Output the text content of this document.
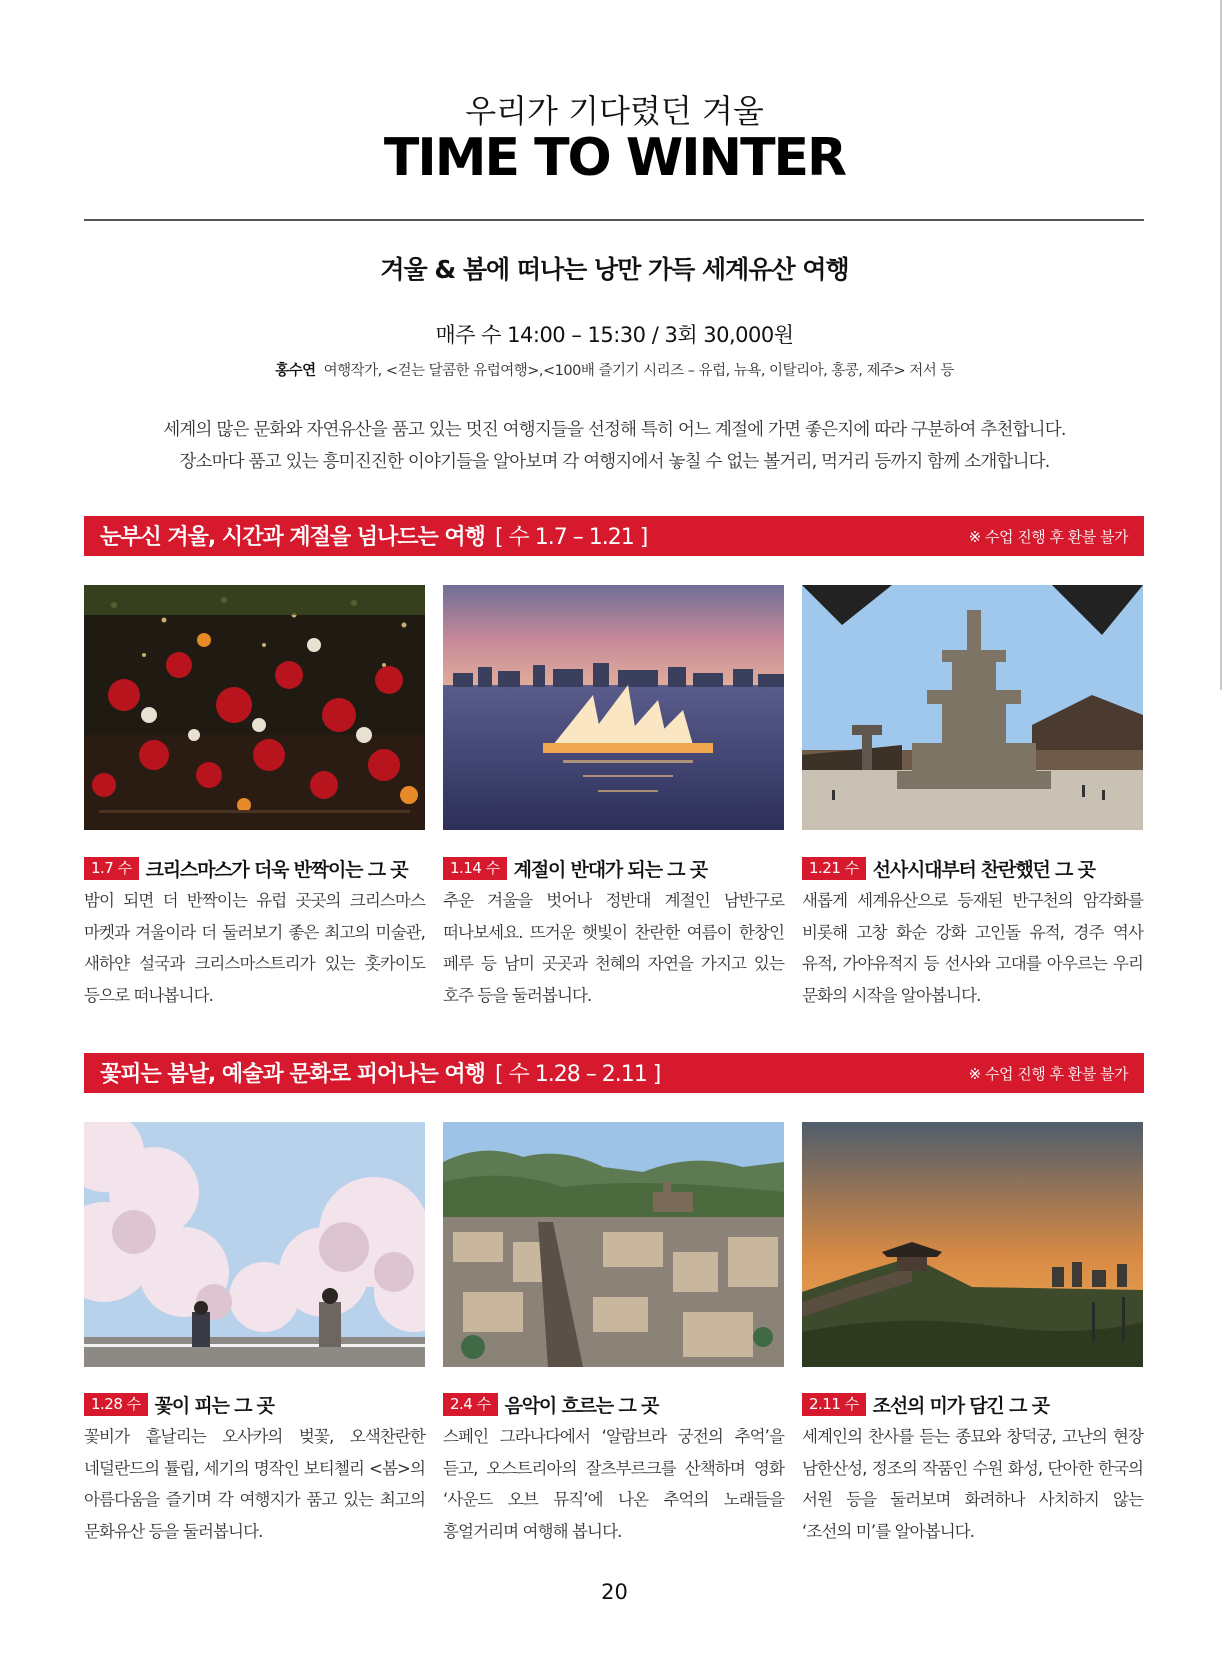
우리가 기다렸던 겨울
TIME TO WINTER
겨울 & 봄에 떠나는 낭만 가득 세계유산 여행
매주 수 14:00 – 15:30 / 3회 30,000원
홍수연 여행작가, <걷는 달콤한 유럽여행>,<100배 즐기기 시리즈 – 유럽, 뉴욕, 이탈리아, 홍콩, 제주> 저서 등
세계의 많은 문화와 자연유산을 품고 있는 멋진 여행지들을 선정해 특히 어느 계절에 가면 좋은지에 따라 구분하여 추천합니다.
장소마다 품고 있는 흥미진진한 이야기들을 알아보며 각 여행지에서 놓칠 수 없는 볼거리, 먹거리 등까지 함께 소개합니다.
눈부신 겨울, 시간과 계절을 넘나드는 여행 [ 수 1.7 – 1.21 ]	※ 수업 진행 후 환불 불가
1.7 수 크리스마스가 더욱 반짝이는 그 곳
밤이 되면 더 반짝이는 유럽 곳곳의 크리스마스 마켓과 겨울이라 더 둘러보기 좋은 최고의 미술관, 새하얀 설국과 크리스마스트리가 있는 홋카이도 등으로 떠나봅니다.
1.14 수 계절이 반대가 되는 그 곳
추운 겨울을 벗어나 정반대 계절인 남반구로 떠나보세요. 뜨거운 햇빛이 찬란한 여름이 한창인 페루 등 남미 곳곳과 천혜의 자연을 가지고 있는 호주 등을 둘러봅니다.
1.21 수 선사시대부터 찬란했던 그 곳
새롭게 세계유산으로 등재된 반구천의 암각화를 비롯해 고창 화순 강화 고인돌 유적, 경주 역사 유적, 가야유적지 등 선사와 고대를 아우르는 우리 문화의 시작을 알아봅니다.
꽃피는 봄날, 예술과 문화로 피어나는 여행 [ 수 1.28 – 2.11 ]	※ 수업 진행 후 환불 불가
1.28 수 꽃이 피는 그 곳
꽃비가 흩날리는 오사카의 벚꽃, 오색찬란한 네덜란드의 튤립, 세기의 명작인 보티첼리 <봄>의 아름다움을 즐기며 각 여행지가 품고 있는 최고의 문화유산 등을 둘러봅니다.
2.4 수 음악이 흐르는 그 곳
스페인 그라나다에서 ‘알람브라 궁전의 추억’을 듣고, 오스트리아의 잘츠부르크를 산책하며 영화 ‘사운드 오브 뮤직’에 나온 추억의 노래들을 흥얼거리며 여행해 봅니다.
2.11 수 조선의 미가 담긴 그 곳
세계인의 찬사를 듣는 종묘와 창덕궁, 고난의 현장 남한산성, 정조의 작품인 수원 화성, 단아한 한국의 서원 등을 둘러보며 화려하나 사치하지 않는 ‘조선의 미’를 알아봅니다.
20
